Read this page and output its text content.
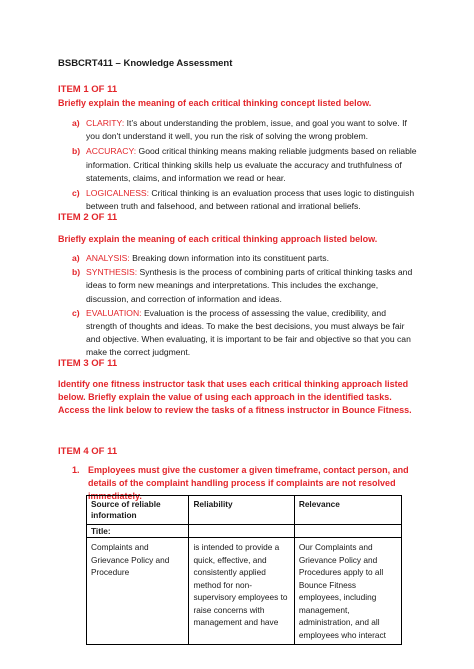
BSBCRT411 – Knowledge Assessment
ITEM 1 OF 11
Briefly explain the meaning of each critical thinking concept listed below.
a) CLARITY: It’s about understanding the problem, issue, and goal you want to solve. If you don't understand it well, you run the risk of solving the wrong problem.
b) ACCURACY: Good critical thinking means making reliable judgments based on reliable information. Critical thinking skills help us evaluate the accuracy and truthfulness of statements, claims, and information we read or hear.
c) LOGICALNESS: Critical thinking is an evaluation process that uses logic to distinguish between truth and falsehood, and between rational and irrational beliefs.
ITEM 2 OF 11
Briefly explain the meaning of each critical thinking approach listed below.
a) ANALYSIS: Breaking down information into its constituent parts.
b) SYNTHESIS: Synthesis is the process of combining parts of critical thinking tasks and ideas to form new meanings and interpretations. This includes the exchange, discussion, and correction of information and ideas.
c) EVALUATION: Evaluation is the process of assessing the value, credibility, and strength of thoughts and ideas. To make the best decisions, you must always be fair and objective. When evaluating, it is important to be fair and objective so that you can make the correct judgment.
ITEM 3 OF 11
Identify one fitness instructor task that uses each critical thinking approach listed below. Briefly explain the value of using each approach in the identified tasks. Access the link below to review the tasks of a fitness instructor in Bounce Fitness.
ITEM 4 OF 11
1. Employees must give the customer a given timeframe, contact person, and details of the complaint handling process if complaints are not resolved immediately.
Source of reliable information	Reliability	Relevance
Title:		
Complaints and Grievance Policy and Procedure	is intended to provide a quick, effective, and consistently applied method for non-supervisory employees to raise concerns with management and have	Our Complaints and Grievance Policy and Procedures apply to all Bounce Fitness employees, including management, administration, and all employees who interact
